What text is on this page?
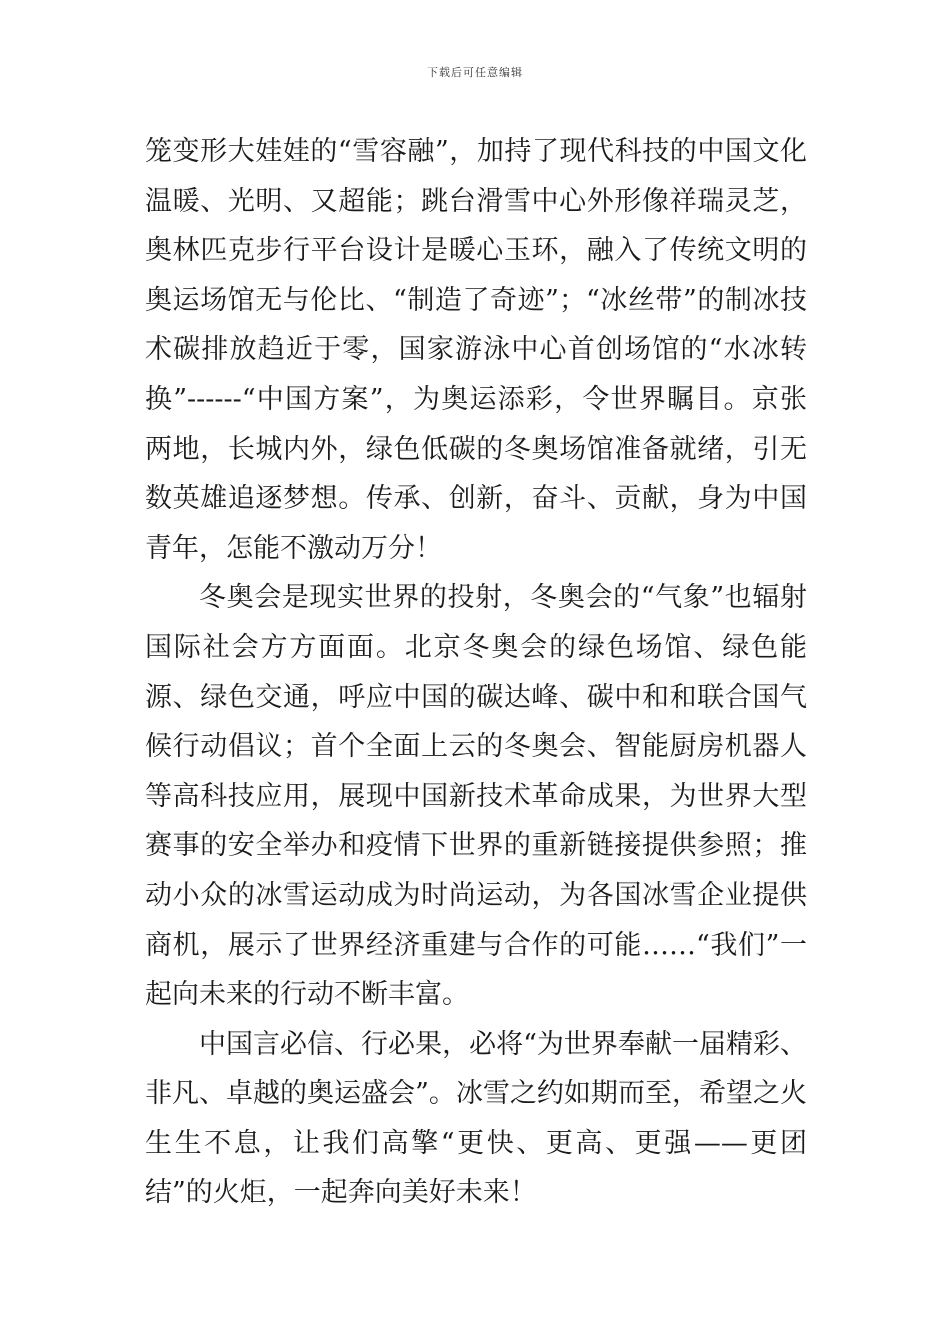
下载后可任意编辑

笼变形大娃娃的“雪容融”，加持了现代科技的中国文化温暖、光明、又超能；跳台滑雪中心外形像祥瑞灵芝，奥林匹克步行平台设计是暖心玉环，融入了传统文明的奥运场馆无与伦比、“制造了奇迹”；“冰丝带”的制冰技术碳排放趋近于零，国家游泳中心首创场馆的“水冰转换”------“中国方案”，为奥运添彩，令世界瞩目。京张两地，长城内外，绿色低碳的冬奥场馆准备就绪，引无数英雄追逐梦想。传承、创新，奋斗、贡献，身为中国青年，怎能不激动万分！

冬奥会是现实世界的投射，冬奥会的“气象”也辐射国际社会方方面面。北京冬奥会的绿色场馆、绿色能源、绿色交通，呼应中国的碳达峰、碳中和和联合国气候行动倡议；首个全面上云的冬奥会、智能厨房机器人等高科技应用，展现中国新技术革命成果，为世界大型赛事的安全举办和疫情下世界的重新链接提供参照；推动小众的冰雪运动成为时尚运动，为各国冰雪企业提供商机，展示了世界经济重建与合作的可能……“我们”一起向未来的行动不断丰富。

中国言必信、行必果，必将“为世界奉献一届精彩、非凡、卓越的奥运盛会”。冰雪之约如期而至，希望之火生生不息，让我们高擎“更快、更高、更强——更团结”的火炬，一起奔向美好未来！
